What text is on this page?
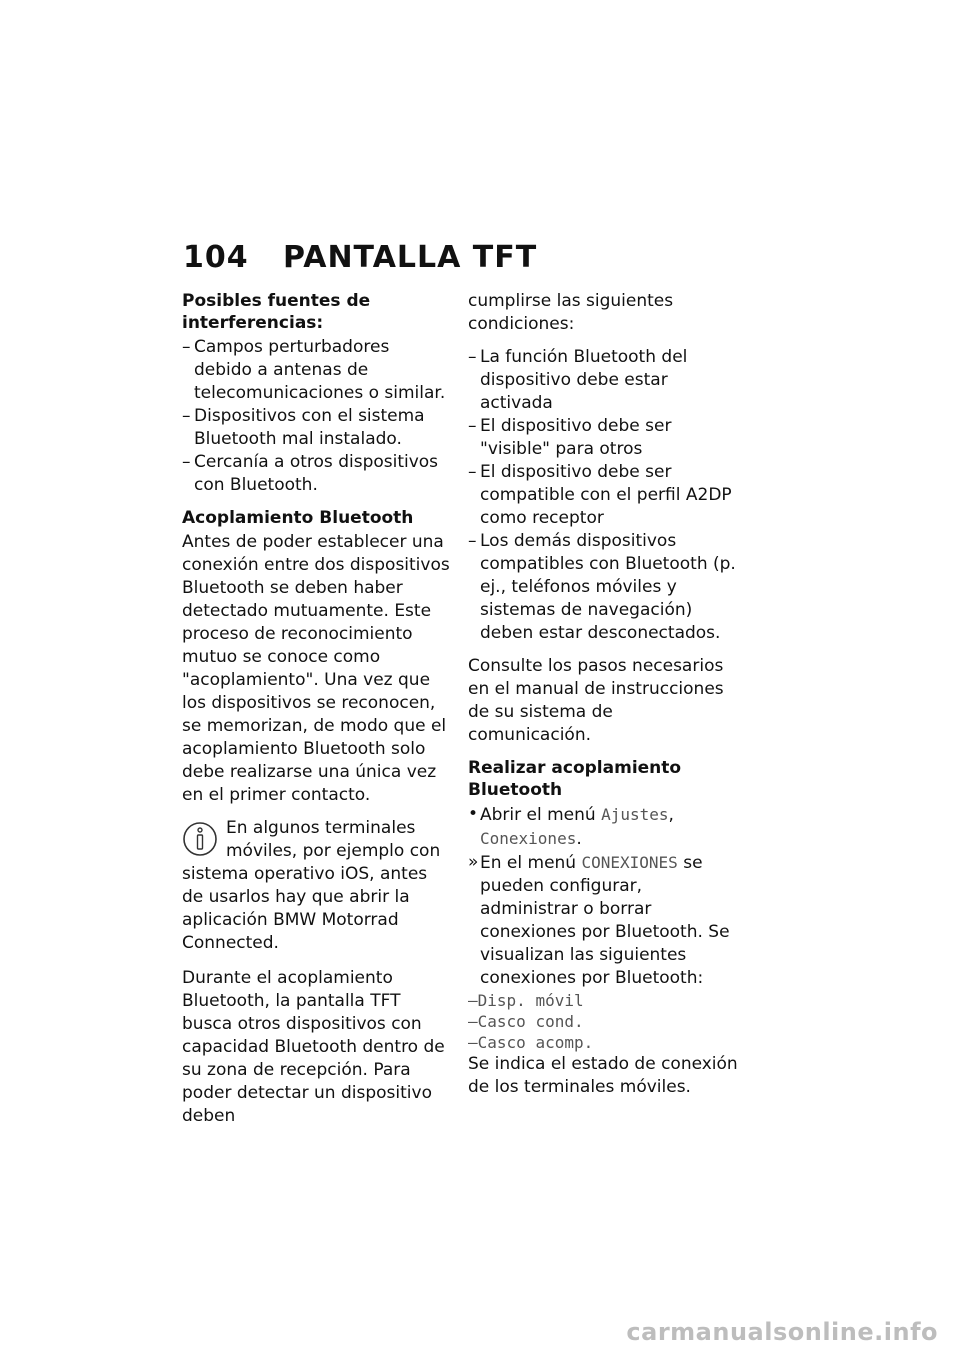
104 PANTALLA TFT
Posibles fuentes de interferencias:
– Campos perturbadores debido a antenas de telecomunicaciones o similar.
– Dispositivos con el sistema Bluetooth mal instalado.
– Cercanía a otros dispositivos con Bluetooth.
Acoplamiento Bluetooth

Antes de poder establecer una conexión entre dos dispositivos Bluetooth se deben haber detectado mutuamente. Este proceso de reconocimiento mutuo se conoce como "acoplamiento". Una vez que los dispositivos se reconocen, se memorizan, de modo que el acoplamiento Bluetooth solo debe realizarse una única vez en el primer contacto.

En algunos terminales móviles, por ejemplo con sistema operativo iOS, antes de usarlos hay que abrir la aplicación BMW Motorrad Connected.

Durante el acoplamiento Bluetooth, la pantalla TFT busca otros dispositivos con capacidad Bluetooth dentro de su zona de recepción. Para poder detectar un dispositivo deben

cumplirse las siguientes condiciones:

– La función Bluetooth del dispositivo debe estar activada
– El dispositivo debe ser "visible" para otros
– El dispositivo debe ser compatible con el perfil A2DP como receptor
– Los demás dispositivos compatibles con Bluetooth (p. ej., teléfonos móviles y sistemas de navegación) deben estar desconectados.

Consulte los pasos necesarios en el manual de instrucciones de su sistema de comunicación.

Realizar acoplamiento Bluetooth
• Abrir el menú Ajustes, Conexiones.
» En el menú CONEXIONES se pueden configurar, administrar o borrar conexiones por Bluetooth. Se visualizan las siguientes conexiones por Bluetooth:
–Disp. móvil
–Casco cond.
–Casco acomp.

Se indica el estado de conexión de los terminales móviles.

carmanualsonline.info
